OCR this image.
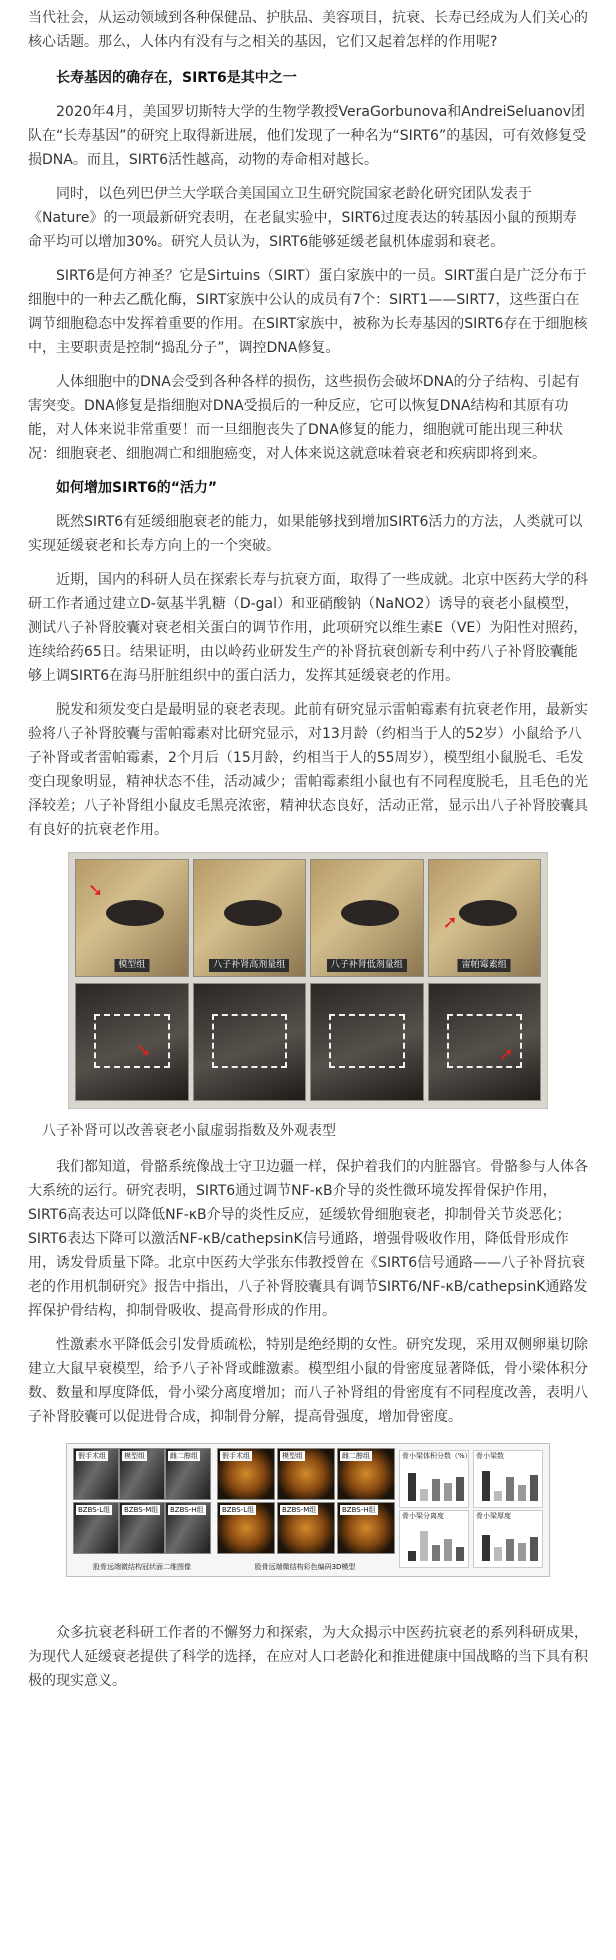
当代社会，从运动领域到各种保健品、护肤品、美容项目，抗衰、长寿已经成为人们关心的核心话题。那么，人体内有没有与之相关的基因，它们又起着怎样的作用呢?

长寿基因的确存在，SIRT6是其中之一

2020年4月，美国罗切斯特大学的生物学教授VeraGorbunova和AndreiSeluanov团队在“长寿基因”的研究上取得新进展，他们发现了一种名为“SIRT6”的基因，可有效修复受损DNA。而且，SIRT6活性越高，动物的寿命相对越长。

同时，以色列巴伊兰大学联合美国国立卫生研究院国家老龄化研究团队发表于《Nature》的一项最新研究表明，在老鼠实验中，SIRT6过度表达的转基因小鼠的预期寿命平均可以增加30%。研究人员认为，SIRT6能够延缓老鼠机体虚弱和衰老。

SIRT6是何方神圣？它是Sirtuins（SIRT）蛋白家族中的一员。SIRT蛋白是广泛分布于细胞中的一种去乙酰化酶，SIRT家族中公认的成员有7个：SIRT1——SIRT7，这些蛋白在调节细胞稳态中发挥着重要的作用。在SIRT家族中，被称为长寿基因的SIRT6存在于细胞核中，主要职责是控制“捣乱分子”，调控DNA修复。

人体细胞中的DNA会受到各种各样的损伤，这些损伤会破坏DNA的分子结构、引起有害突变。DNA修复是指细胞对DNA受损后的一种反应，它可以恢复DNA结构和其原有功能，对人体来说非常重要！而一旦细胞丧失了DNA修复的能力，细胞就可能出现三种状况：细胞衰老、细胞凋亡和细胞癌变，对人体来说这就意味着衰老和疾病即将到来。

如何增加SIRT6的“活力”

既然SIRT6有延缓细胞衰老的能力，如果能够找到增加SIRT6活力的方法，人类就可以实现延缓衰老和长寿方向上的一个突破。

近期，国内的科研人员在探索长寿与抗衰方面，取得了一些成就。北京中医药大学的科研工作者通过建立D-氨基半乳糖（D-gal）和亚硝酸钠（NaNO2）诱导的衰老小鼠模型，测试八子补肾胶囊对衰老相关蛋白的调节作用，此项研究以维生素E（VE）为阳性对照药，连续给药65日。结果证明，由以岭药业研发生产的补肾抗衰创新专利中药八子补肾胶囊能够上调SIRT6在海马肝脏组织中的蛋白活力，发挥其延缓衰老的作用。

脱发和须发变白是最明显的衰老表现。此前有研究显示雷帕霉素有抗衰老作用，最新实验将八子补肾胶囊与雷帕霉素对比研究显示，对13月龄（约相当于人的52岁）小鼠给予八子补肾或者雷帕霉素，2个月后（15月龄，约相当于人的55周岁），模型组小鼠脱毛、毛发变白现象明显，精神状态不佳，活动减少；雷帕霉素组小鼠也有不同程度脱毛，且毛色的光泽较差；八子补肾组小鼠皮毛黑亮浓密，精神状态良好，活动正常，显示出八子补肾胶囊具有良好的抗衰老作用。

➘
模型组	八子补肾高剂量组	八子补肾低剂量组
➚
雷帕霉素组
➘	➚

八子补肾可以改善衰老小鼠虚弱指数及外观表型

我们都知道，骨骼系统像战士守卫边疆一样，保护着我们的内脏器官。骨骼参与人体各大系统的运行。研究表明，SIRT6通过调节NF-κB介导的炎性微环境发挥骨保护作用，SIRT6高表达可以降低NF-κB介导的炎性反应，延缓软骨细胞衰老，抑制骨关节炎恶化；SIRT6表达下降可以激活NF-κB/cathepsinK信号通路，增强骨吸收作用，降低骨形成作用，诱发骨质量下降。北京中医药大学张东伟教授曾在《SIRT6信号通路——八子补肾抗衰老的作用机制研究》报告中指出，八子补肾胶囊具有调节SIRT6/NF-κB/cathepsinK通路发挥保护骨结构，抑制骨吸收、提高骨形成的作用。

性激素水平降低会引发骨质疏松，特别是绝经期的女性。研究发现，采用双侧卵巢切除建立大鼠早衰模型，给予八子补肾或雌激素。模型组小鼠的骨密度显著降低，骨小梁体积分数、数量和厚度降低，骨小梁分离度增加；而八子补肾组的骨密度有不同程度改善，表明八子补肾胶囊可以促进骨合成，抑制骨分解，提高骨强度，增加骨密度。

假手术组	模型组	雌二醇组
BZBS-L组 BZBS-M组 BZBS-H组
股骨远端微结构冠状面二维图像
假手术组	模型组	雌二醇组
BZBS-L组	BZBS-M组	BZBS-H组
股骨远端微结构彩色编码3D模型
骨小梁体积分数（%） 骨小梁数
骨小梁分离度	骨小梁厚度

众多抗衰老科研工作者的不懈努力和探索，为大众揭示中医药抗衰老的系列科研成果，为现代人延缓衰老提供了科学的选择，在应对人口老龄化和推进健康中国战略的当下具有积极的现实意义。
